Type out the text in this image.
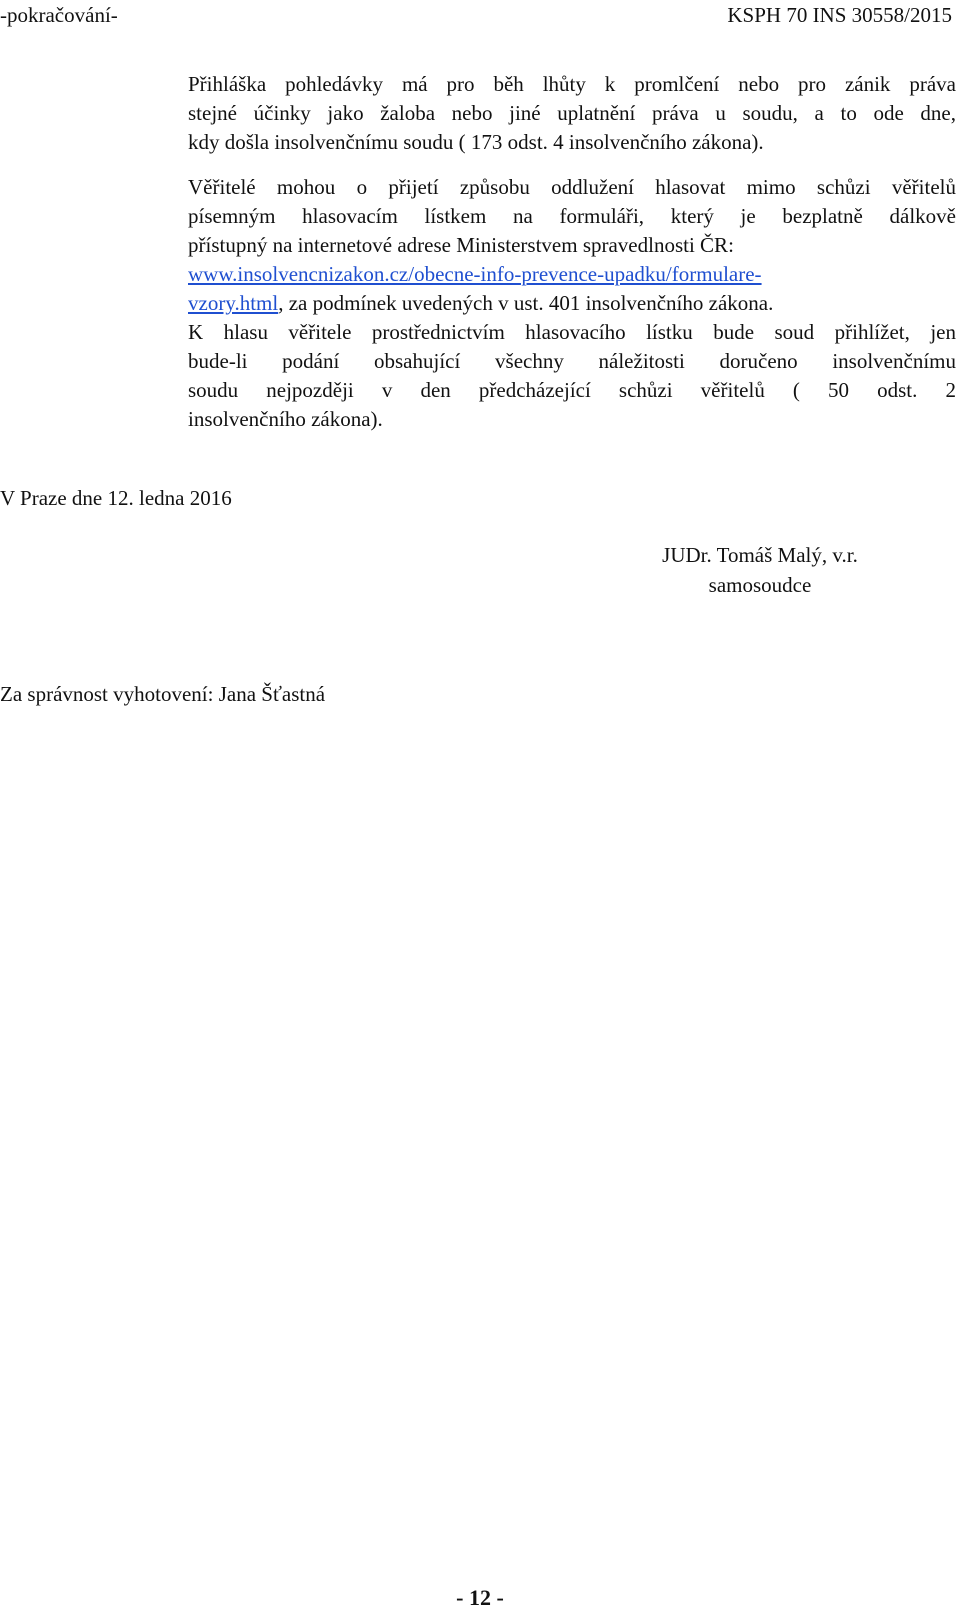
-pokračování-	KSPH 70 INS 30558/2015
Přihláška pohledávky má pro běh lhůty k promlčení nebo pro zánik práva
stejné účinky jako žaloba nebo jiné uplatnění práva u soudu, a to ode dne,
kdy došla insolvenčnímu soudu ( 173 odst. 4 insolvenčního zákona).
Věřitelé mohou o přijetí způsobu oddlužení hlasovat mimo schůzi věřitelů
písemným hlasovacím lístkem na formuláři, který je bezplatně dálkově
přístupný na internetové adrese Ministerstvem spravedlnosti ČR:
www.insolvencnizakon.cz/obecne-info-prevence-upadku/formulare-
vzory.html, za podmínek uvedených v ust. 401 insolvenčního zákona.
K hlasu věřitele prostřednictvím hlasovacího lístku bude soud přihlížet, jen
bude-li podání obsahující všechny náležitosti doručeno insolvenčnímu
soudu nejpozději v den předcházející schůzi věřitelů ( 50 odst. 2
insolvenčního zákona).
V Praze dne 12. ledna 2016
JUDr. Tomáš Malý, v.r.
samosoudce
Za správnost vyhotovení: Jana Šťastná
- 12 -
